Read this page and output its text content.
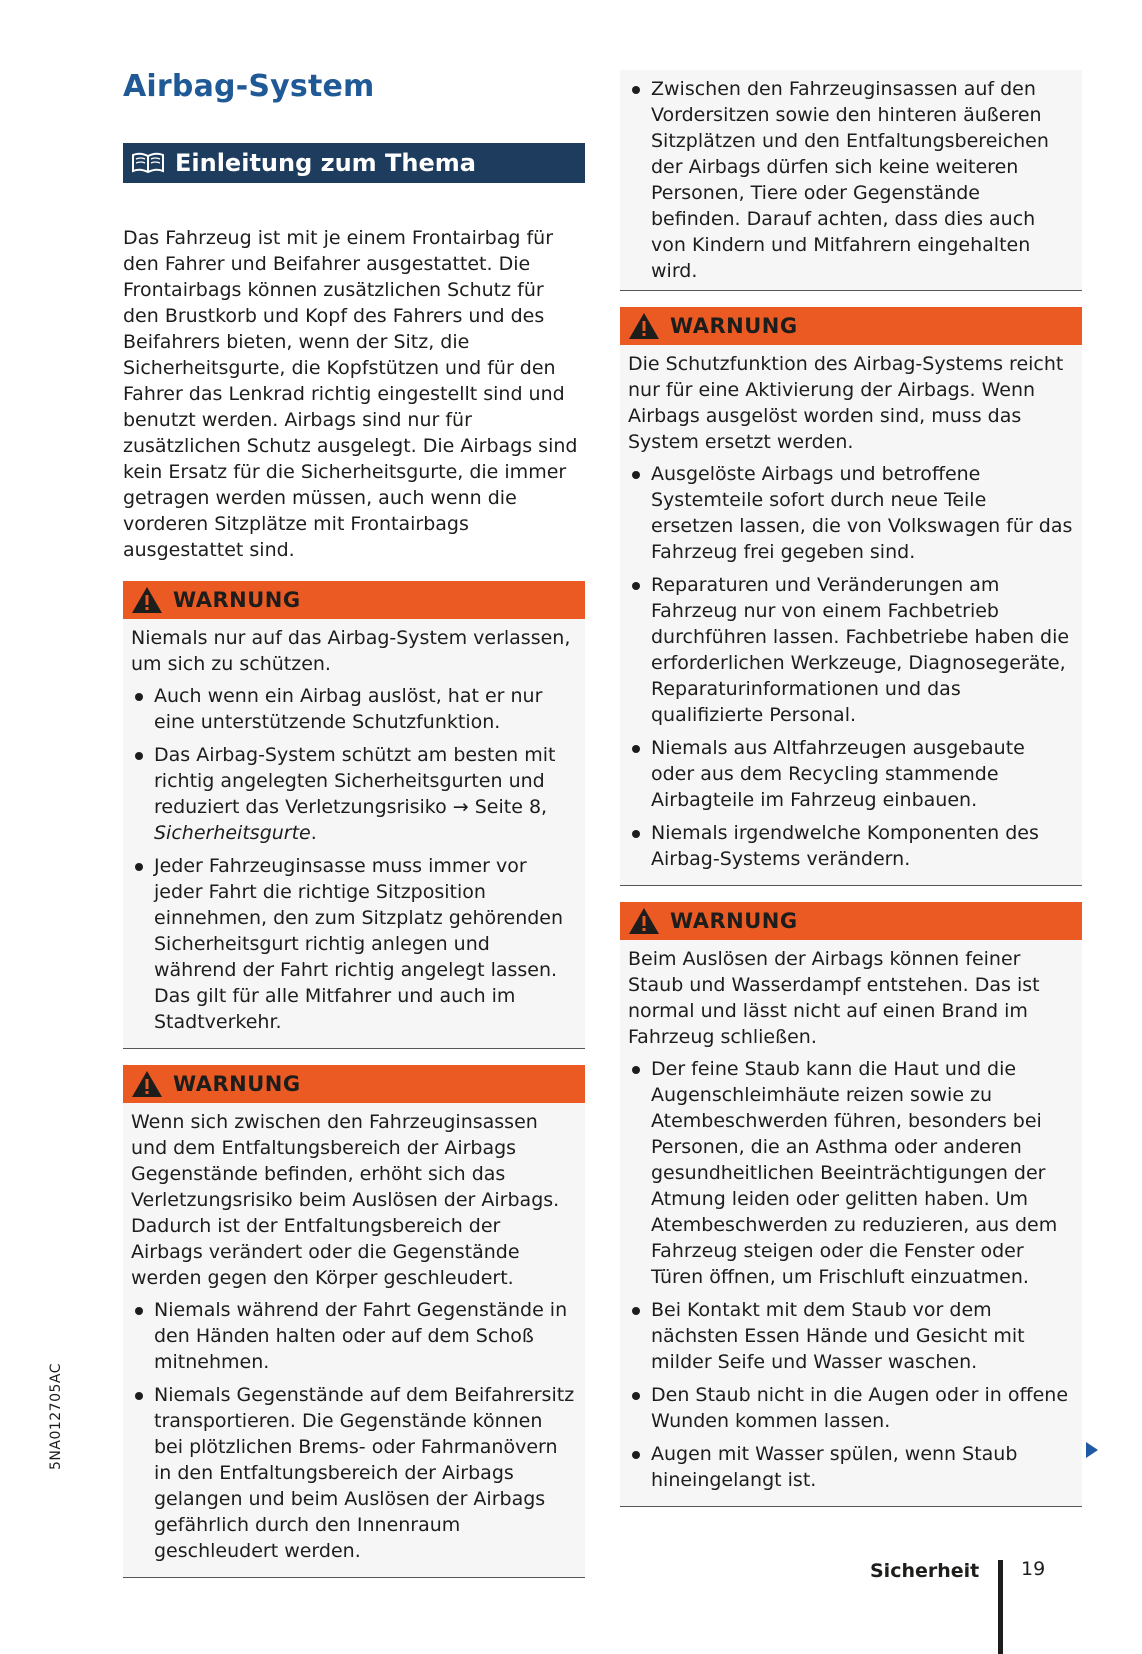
Airbag-System
Einleitung zum Thema

Das Fahrzeug ist mit je einem Frontairbag für den Fahrer und Beifahrer ausgestattet. Die Frontairbags können zusätzlichen Schutz für den Brustkorb und Kopf des Fahrers und des Beifahrers bieten, wenn der Sitz, die Sicherheitsgurte, die Kopfstützen und für den Fahrer das Lenkrad richtig eingestellt sind und benutzt werden. Airbags sind nur für zusätzlichen Schutz ausgelegt. Die Airbags sind kein Ersatz für die Sicherheitsgurte, die immer getragen werden müssen, auch wenn die vorderen Sitzplätze mit Frontairbags ausgestattet sind.

WARNUNG

Niemals nur auf das Airbag-System verlassen, um sich zu schützen.

Auch wenn ein Airbag auslöst, hat er nur eine unterstützende Schutzfunktion.
Das Airbag-System schützt am besten mit richtig angelegten Sicherheitsgurten und reduziert das Verletzungsrisiko → Seite 8, Sicherheitsgurte.
Jeder Fahrzeuginsasse muss immer vor jeder Fahrt die richtige Sitzposition einnehmen, den zum Sitzplatz gehörenden Sicherheitsgurt richtig anlegen und während der Fahrt richtig angelegt lassen. Das gilt für alle Mitfahrer und auch im Stadtverkehr.
WARNUNG

Wenn sich zwischen den Fahrzeuginsassen und dem Entfaltungsbereich der Airbags Gegenstände befinden, erhöht sich das Verletzungsrisiko beim Auslösen der Airbags. Dadurch ist der Entfaltungsbereich der Airbags verändert oder die Gegenstände werden gegen den Körper geschleudert.

Niemals während der Fahrt Gegenstände in den Händen halten oder auf dem Schoß mitnehmen.
Niemals Gegenstände auf dem Beifahrersitz transportieren. Die Gegenstände können bei plötzlichen Brems- oder Fahrmanövern in den Entfaltungsbereich der Airbags gelangen und beim Auslösen der Airbags gefährlich durch den Innenraum geschleudert werden.
Zwischen den Fahrzeuginsassen auf den Vordersitzen sowie den hinteren äußeren Sitzplätzen und den Entfaltungsbereichen der Airbags dürfen sich keine weiteren Personen, Tiere oder Gegenstände befinden. Darauf achten, dass dies auch von Kindern und Mitfahrern eingehalten wird.
WARNUNG

Die Schutzfunktion des Airbag-Systems reicht nur für eine Aktivierung der Airbags. Wenn Airbags ausgelöst worden sind, muss das System ersetzt werden.

Ausgelöste Airbags und betroffene Systemteile sofort durch neue Teile ersetzen lassen, die von Volkswagen für das Fahrzeug frei gegeben sind.
Reparaturen und Veränderungen am Fahrzeug nur von einem Fachbetrieb durchführen lassen. Fachbetriebe haben die erforderlichen Werkzeuge, Diagnosegeräte, Reparaturinformationen und das qualifizierte Personal.
Niemals aus Altfahrzeugen ausgebaute oder aus dem Recycling stammende Airbagteile im Fahrzeug einbauen.
Niemals irgendwelche Komponenten des Airbag-Systems verändern.
WARNUNG

Beim Auslösen der Airbags können feiner Staub und Wasserdampf entstehen. Das ist normal und lässt nicht auf einen Brand im Fahrzeug schließen.

Der feine Staub kann die Haut und die Augenschleimhäute reizen sowie zu Atembeschwerden führen, besonders bei Personen, die an Asthma oder anderen gesundheitlichen Beeinträchtigungen der Atmung leiden oder gelitten haben. Um Atembeschwerden zu reduzieren, aus dem Fahrzeug steigen oder die Fenster oder Türen öffnen, um Frischluft einzuatmen.
Bei Kontakt mit dem Staub vor dem nächsten Essen Hände und Gesicht mit milder Seife und Wasser waschen.
Den Staub nicht in die Augen oder in offene Wunden kommen lassen.
Augen mit Wasser spülen, wenn Staub hineingelangt ist.
5NA012705AC
Sicherheit 19
